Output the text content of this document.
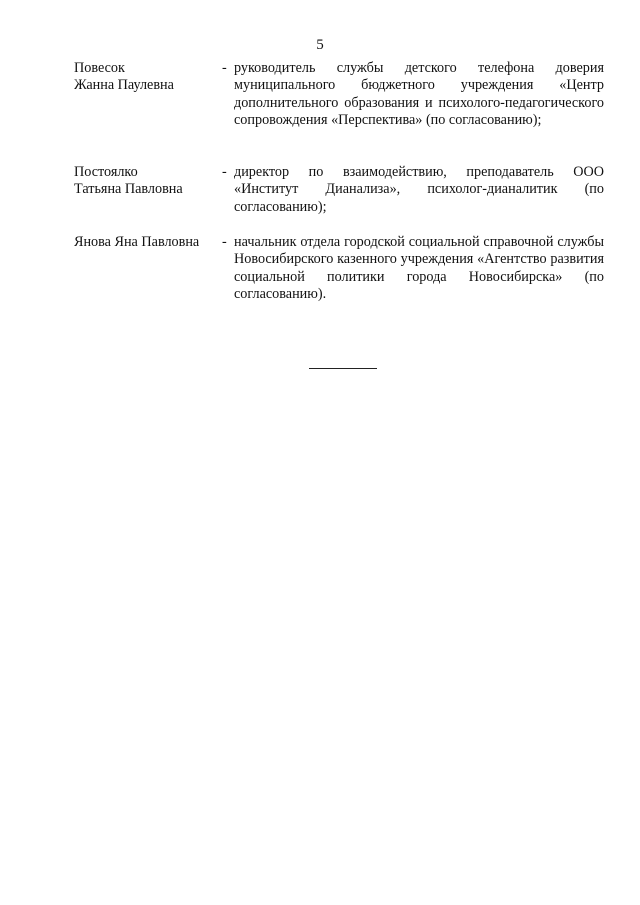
5
Повесок
Жанна Паулевна
- руководитель службы детского телефона доверия муниципального бюджетного учреждения «Центр дополнительного образования и психолого-педагогического сопровождения «Перспектива» (по согласованию);
Постоялко
Татьяна Павловна
- директор по взаимодействию, преподаватель ООО «Институт Дианализа», психолог-дианалитик (по согласованию);
Янова Яна Павловна	- начальник отдела городской социальной справочной службы Новосибирского казенного учреждения «Агентство развития социальной политики города Новосибирска» (по согласованию).
